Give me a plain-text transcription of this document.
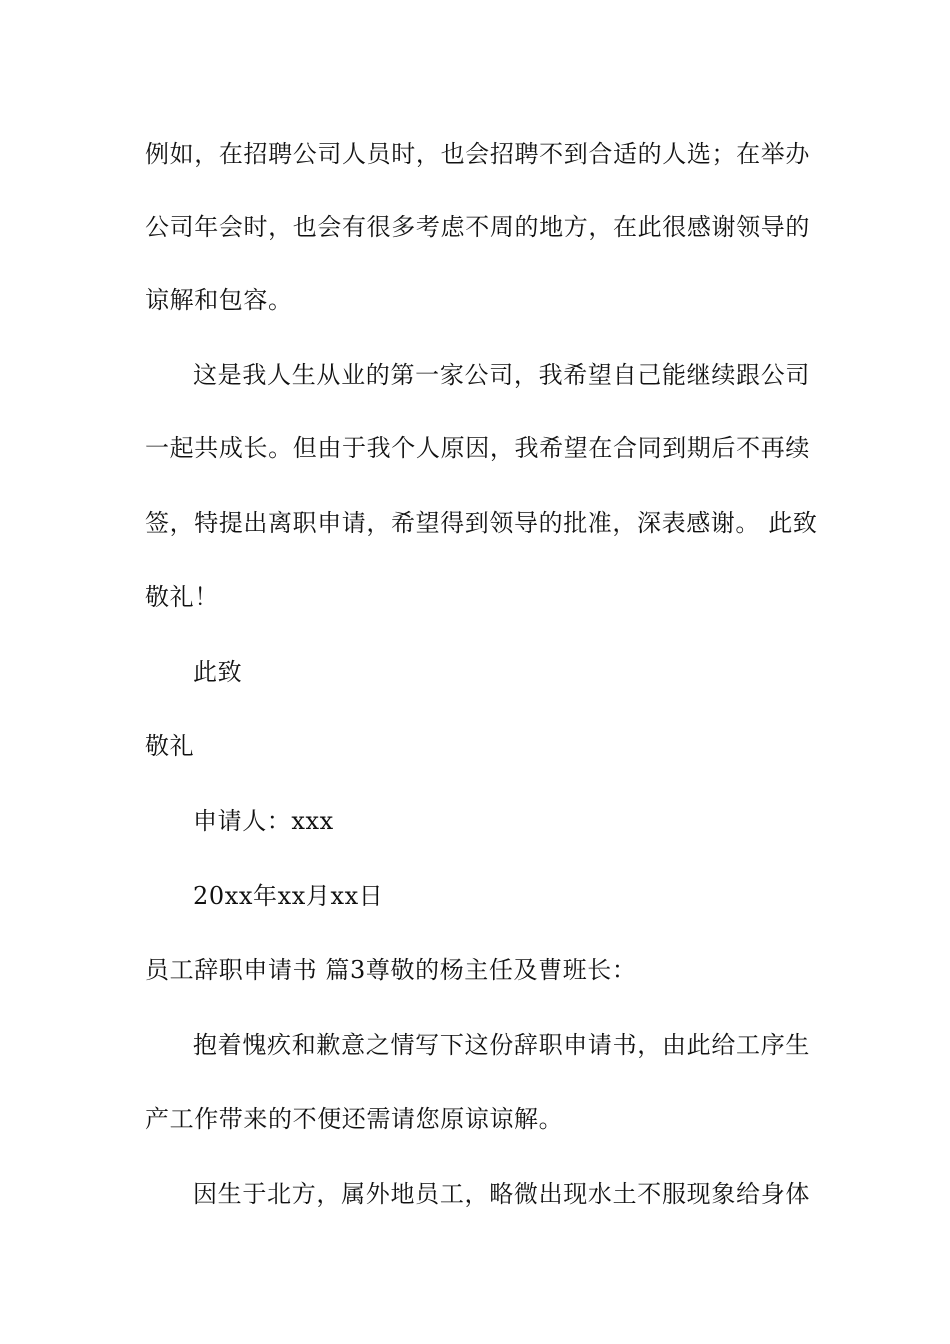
例如，在招聘公司人员时，也会招聘不到合适的人选；在举办
公司年会时，也会有很多考虑不周的地方，在此很感谢领导的
谅解和包容。
这是我人生从业的第一家公司，我希望自己能继续跟公司
一起共成长。但由于我个人原因，我希望在合同到期后不再续
签，特提出离职申请，希望得到领导的批准，深表感谢。 此致
敬礼！
此致
敬礼
申请人：xxx
20xx年xx月xx日
员工辞职申请书 篇3尊敬的杨主任及曹班长：
抱着愧疚和歉意之情写下这份辞职申请书，由此给工序生
产工作带来的不便还需请您原谅谅解。
因生于北方，属外地员工，略微出现水土不服现象给身体
